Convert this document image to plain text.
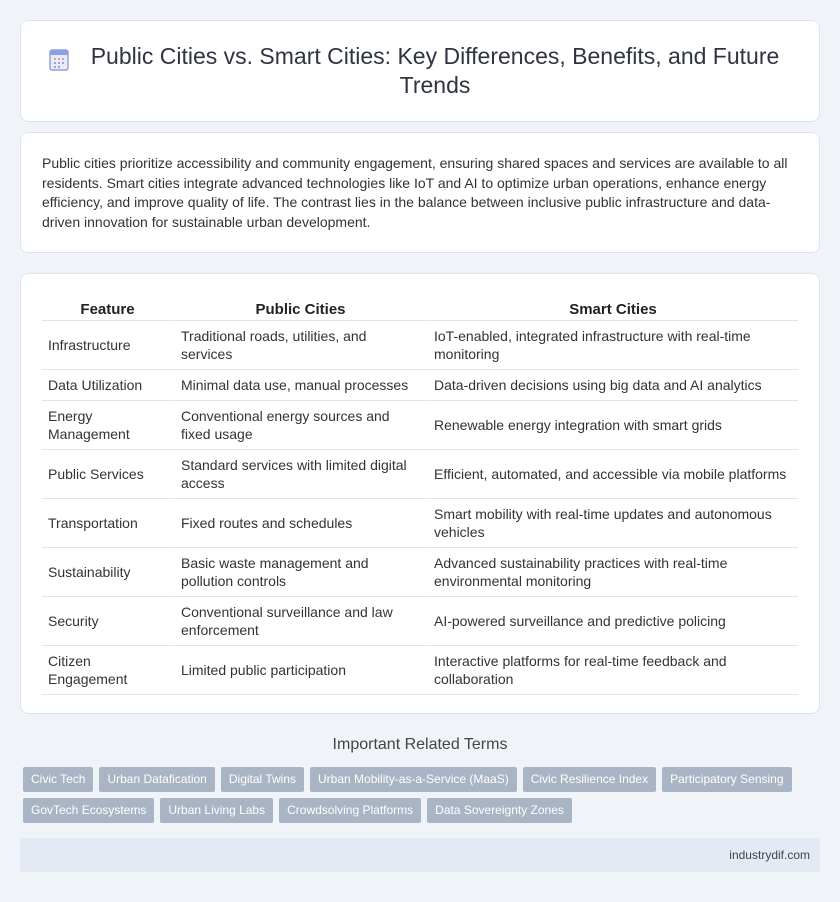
Public Cities vs. Smart Cities: Key Differences, Benefits, and Future Trends

Public cities prioritize accessibility and community engagement, ensuring shared spaces and services are available to all residents. Smart cities integrate advanced technologies like IoT and AI to optimize urban operations, enhance energy efficiency, and improve quality of life. The contrast lies in the balance between inclusive public infrastructure and data-driven innovation for sustainable urban development.

Feature	Public Cities	Smart Cities
Infrastructure	Traditional roads, utilities, and services	IoT-enabled, integrated infrastructure with real-time monitoring
Data Utilization	Minimal data use, manual processes	Data-driven decisions using big data and AI analytics
Energy Management	Conventional energy sources and fixed usage	Renewable energy integration with smart grids
Public Services	Standard services with limited digital access	Efficient, automated, and accessible via mobile platforms
Transportation	Fixed routes and schedules	Smart mobility with real-time updates and autonomous vehicles
Sustainability	Basic waste management and pollution controls	Advanced sustainability practices with real-time environmental monitoring
Security	Conventional surveillance and law enforcement	AI-powered surveillance and predictive policing
Citizen Engagement	Limited public participation	Interactive platforms for real-time feedback and collaboration
Important Related Terms
Civic Tech	Urban Datafication	Digital Twins	Urban Mobility-as-a-Service (MaaS)	Civic Resilience Index	Participatory Sensing
GovTech Ecosystems	Urban Living Labs	Crowdsolving Platforms	Data Sovereignty Zones
industrydif.com
